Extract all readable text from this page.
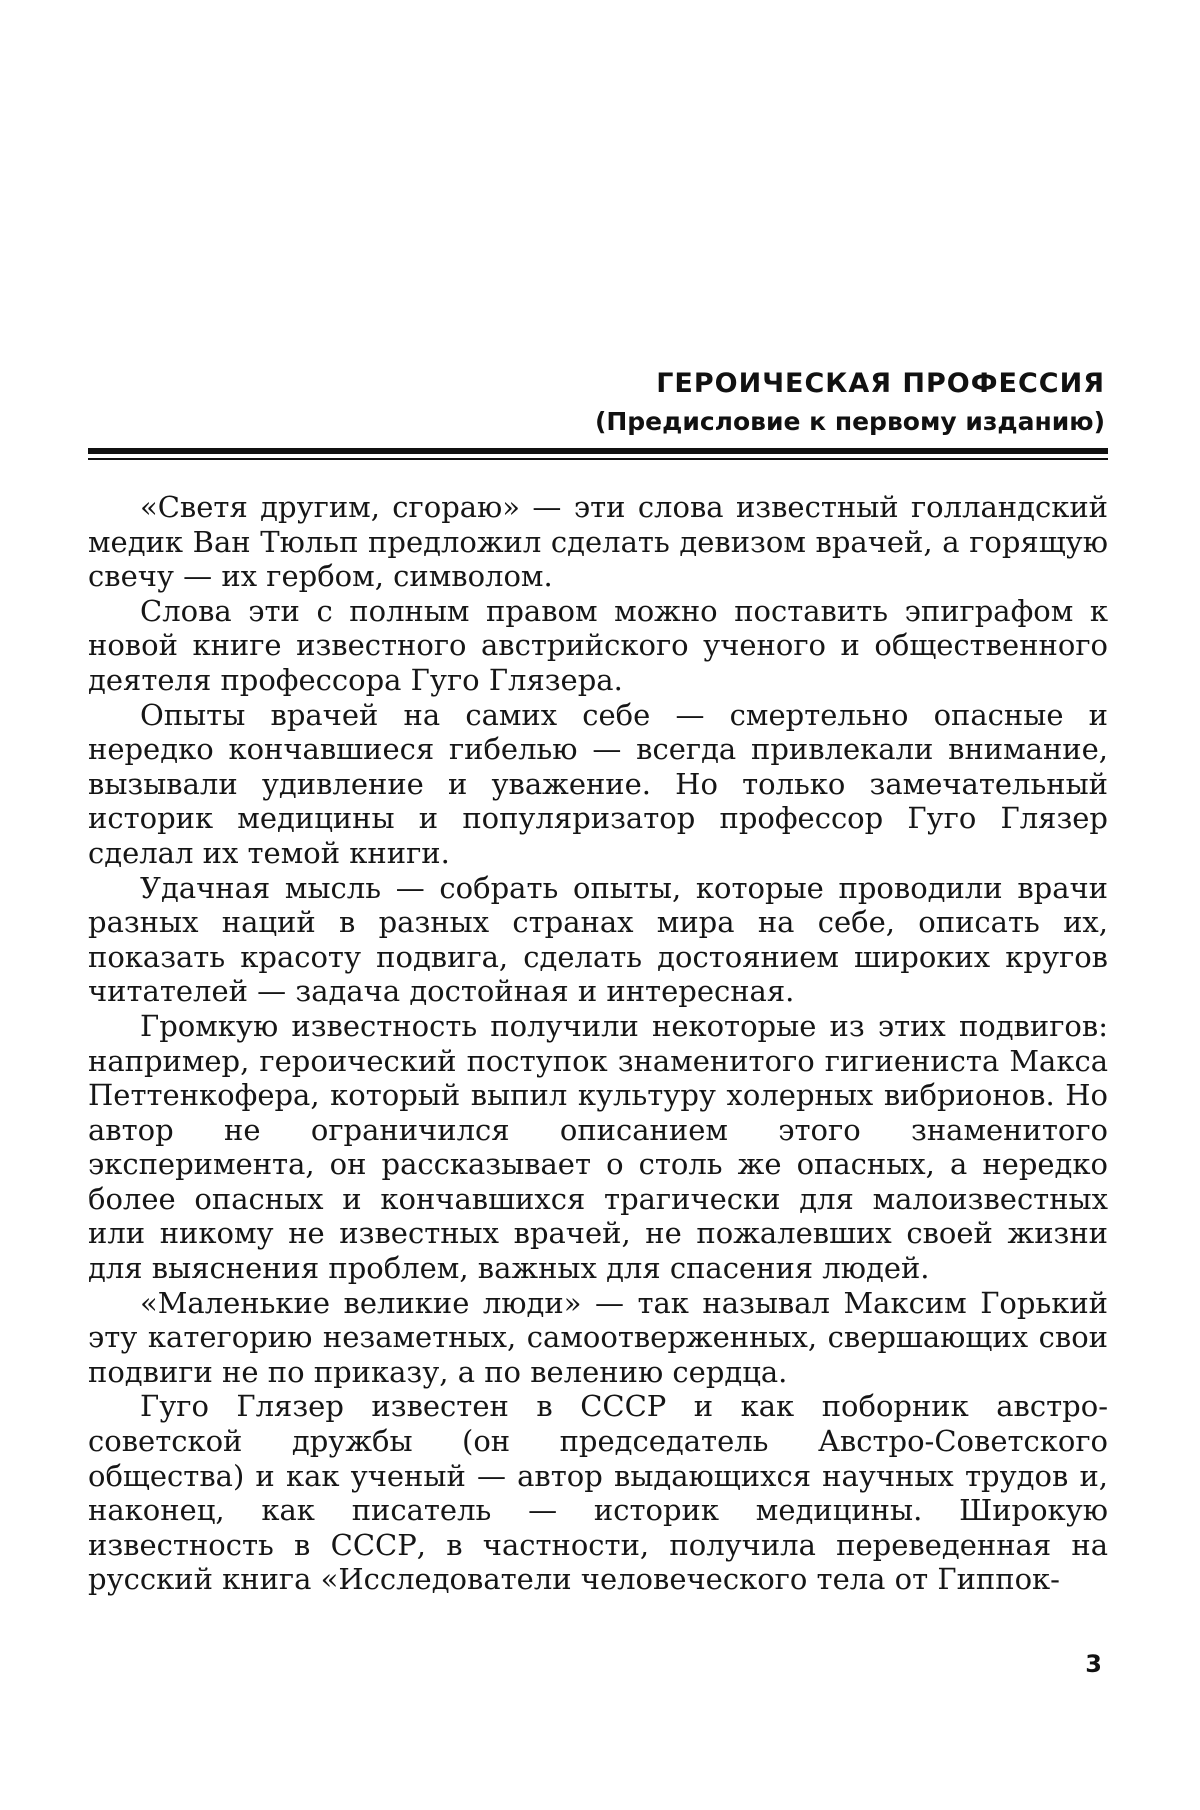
ГЕРОИЧЕСКАЯ ПРОФЕССИЯ
(Предисловие к первому изданию)

«Светя другим, сгораю» — эти слова известный голландский медик Ван Тюльп предложил сделать девизом врачей, а горящую свечу — их гербом, символом.

Слова эти с полным правом можно поставить эпиграфом к новой книге известного австрийского ученого и общественного деятеля профессора Гуго Глязера.

Опыты врачей на самих себе — смертельно опасные и нередко кончавшиеся гибелью — всегда привлекали внимание, вызывали удивление и уважение. Но только замечательный историк медицины и популяризатор профессор Гуго Глязер сделал их темой книги.

Удачная мысль — собрать опыты, которые проводили врачи разных наций в разных странах мира на себе, описать их, показать красоту подвига, сделать достоянием широких кругов читателей — задача достойная и интересная.

Громкую известность получили некоторые из этих подвигов: например, героический поступок знаменитого гигиениста Макса Петтенкофера, который выпил культуру холерных вибрионов. Но автор не ограничился описанием этого знаменитого эксперимента, он рассказывает о столь же опасных, а нередко более опасных и кончавшихся трагически для малоизвестных или никому не известных врачей, не пожалевших своей жизни для выяснения проблем, важных для спасения людей.

«Маленькие великие люди» — так называл Максим Горький эту категорию незаметных, самоотверженных, свершающих свои подвиги не по приказу, а по велению сердца.

Гуго Глязер известен в СССР и как поборник австро-советской дружбы (он председатель Австро-Советского общества) и как ученый — автор выдающихся научных трудов и, наконец, как писатель — историк медицины. Широкую известность в СССР, в частности, получила переведенная на русский книга «Исследователи человеческого тела от Гиппок-

3
